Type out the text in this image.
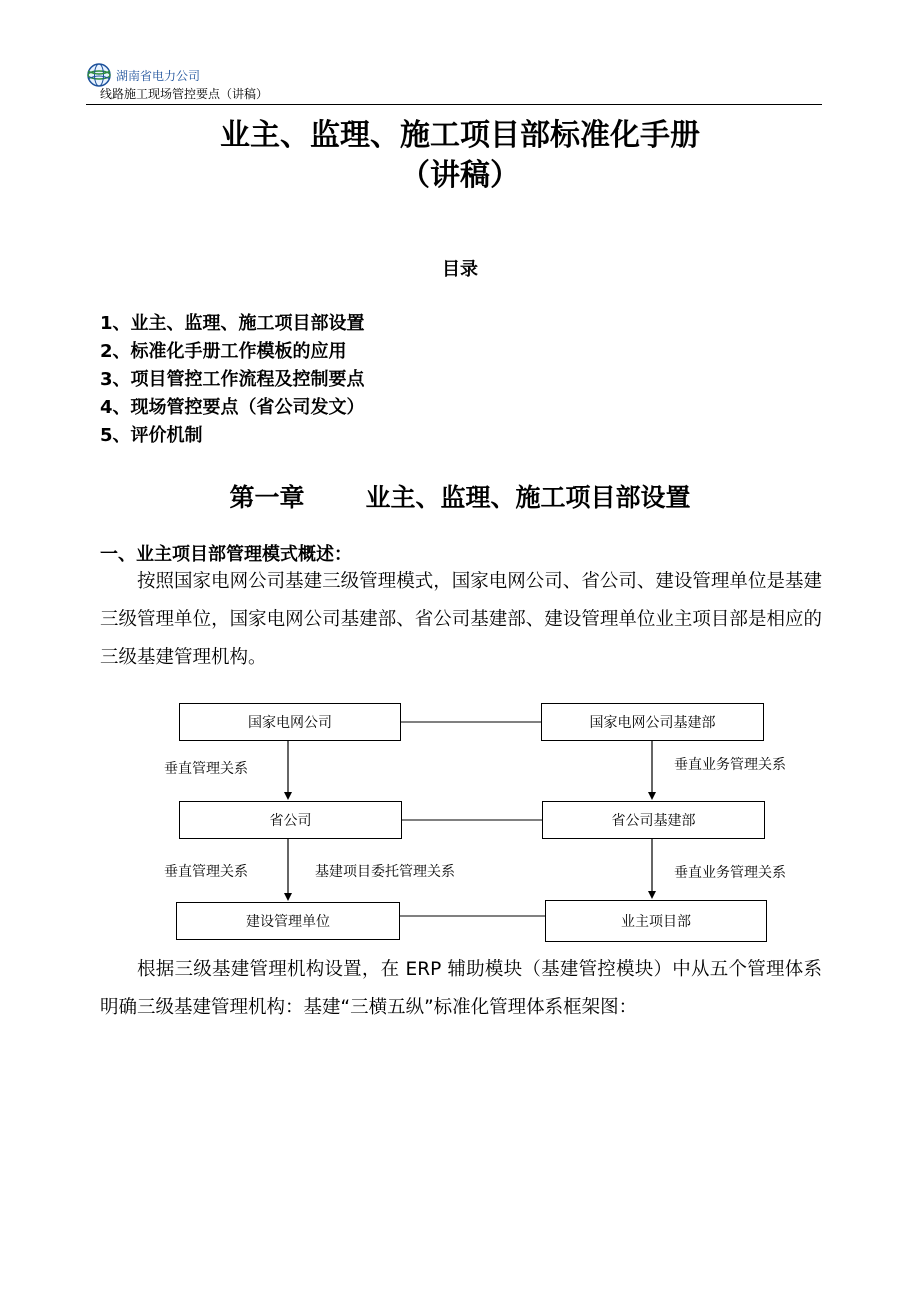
湖南省电力公司
线路施工现场管控要点（讲稿）
业主、监理、施工项目部标准化手册
（讲稿）
目录
1、业主、监理、施工项目部设置
2、标准化手册工作模板的应用
3、项目管控工作流程及控制要点
4、现场管控要点（省公司发文）
5、评价机制
第一章 业主、监理、施工项目部设置
一、业主项目部管理模式概述：
按照国家电网公司基建三级管理模式，国家电网公司、省公司、建设管理单位是基建三级管理单位，国家电网公司基建部、省公司基建部、建设管理单位业主项目部是相应的三级基建管理机构。
国家电网公司	国家电网公司基建部
省公司	省公司基建部
建设管理单位	业主项目部
垂直管理关系	垂直业务管理关系
垂直管理关系	基建项目委托管理关系	垂直业务管理关系
根据三级基建管理机构设置，在 ERP 辅助模块（基建管控模块）中从五个管理体系明确三级基建管理机构：基建“三横五纵”标准化管理体系框架图：
